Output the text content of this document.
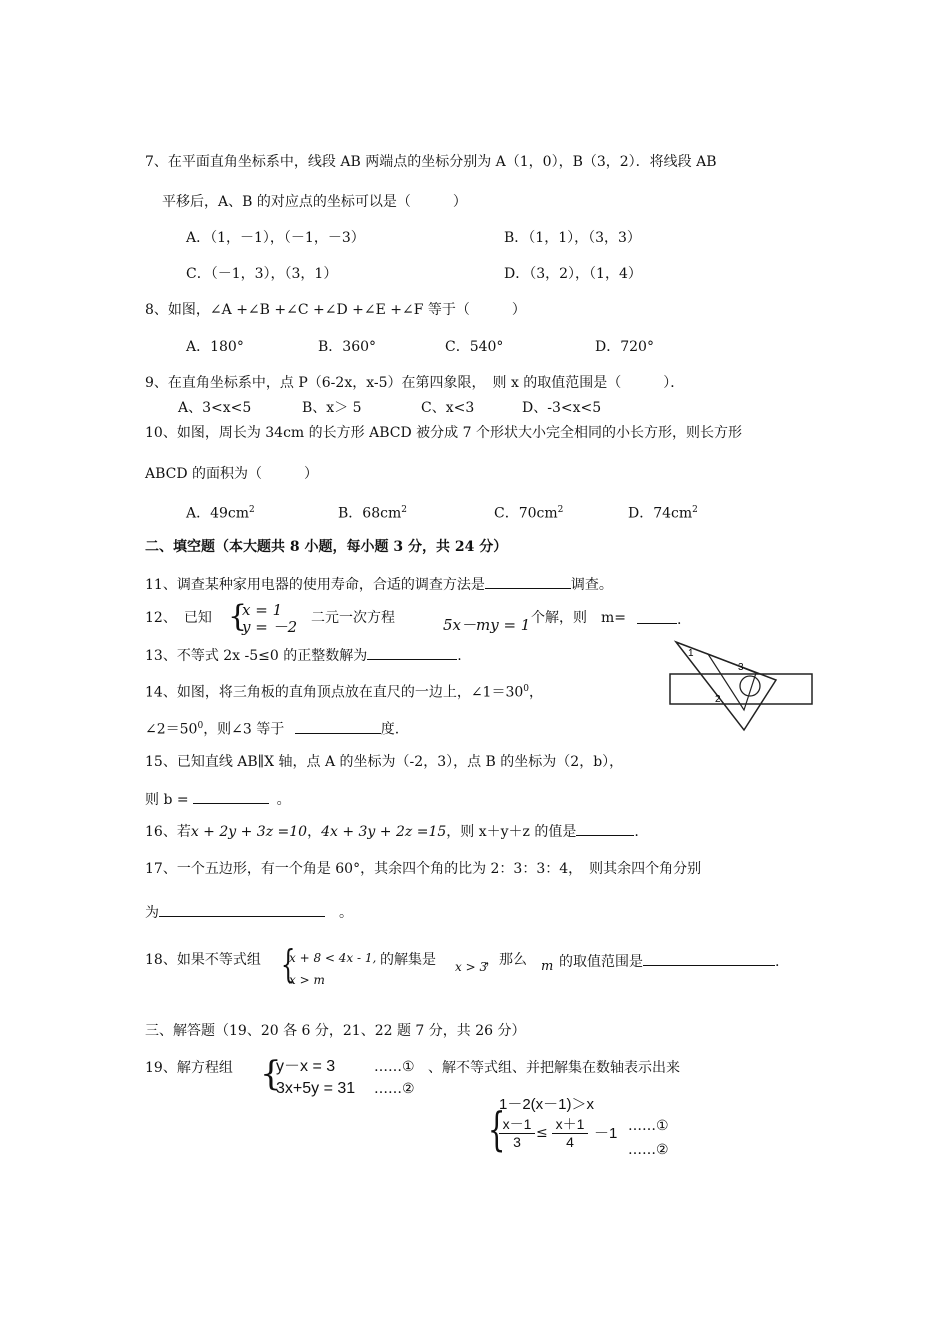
7、在平面直角坐标系中，线段 AB 两端点的坐标分别为 A（1，0），B（3，2）．将线段 AB
平移后，A、B 的对应点的坐标可以是（　　　）
A．（1，－1），（－1，－3）	B．（1，1），（3，3）
C．（－1，3），（3，1）	D．（3，2），（1，4）
8、如图，∠A +∠B +∠C +∠D +∠E +∠F 等于（　　　）
A．180°	B．360°	C．540°	D．720°
9、在直角坐标系中，点 P（6-2x，x-5）在第四象限，　则 x 的取值范围是（　　　）．
A、3<x<5	B、x＞ 5	C、x<3	D、-3<x<5
10、如图，周长为 34cm 的长方形 ABCD 被分成 7 个形状大小完全相同的小长方形，则长方形
ABCD 的面积为（　　　）
A．$49cm^2$	B．$68cm^2$	C．$70cm^2$	D．$74cm^2$
二、填空题（本大题共 8 小题，每小题 3 分，共 24 分）
11、调查某种家用电器的使用寿命，合适的调查方法是	调查。
12、　已知 {
x = 1
y = －2 二元一次方程	5x－my = 1 个解，则　m=	.
13、不等式 2x -5≤0 的正整数解为	.	1
2
3
14、如图，将三角板的直角顶点放在直尺的一边上，$\angle 1=30^0$，
$\angle 2=50^0$，则∠3 等于	度.
15、已知直线 AB∥X 轴，点 A 的坐标为（-2，3），点 B 的坐标为（2，b），
则 b =	。
16、若x + 2y + 3z =10，4x + 3y + 2z =15，则 x＋y＋z 的值是	.
17、一个五边形，有一个角是 60°，其余四个角的比为 2：3：3：4，　则其余四个角分别
为	。
18、如果不等式组 {
x + 8 < 4x - 1,
x > m
的解集是 x > 3
，那么 m 的取值范围是	.
三、解答题（19、20 各 6 分，21、22 题 7 分，共 26 分）
19、解方程组 {
y－x = 3
3x+5y = 31
……①
……②
、解不等式组、并把解集在数轴表示出来
{
1－2(x－1)＞x
$\frac{x-1}{3} \le \frac{x+1}{4} -1$ ……①
……②
